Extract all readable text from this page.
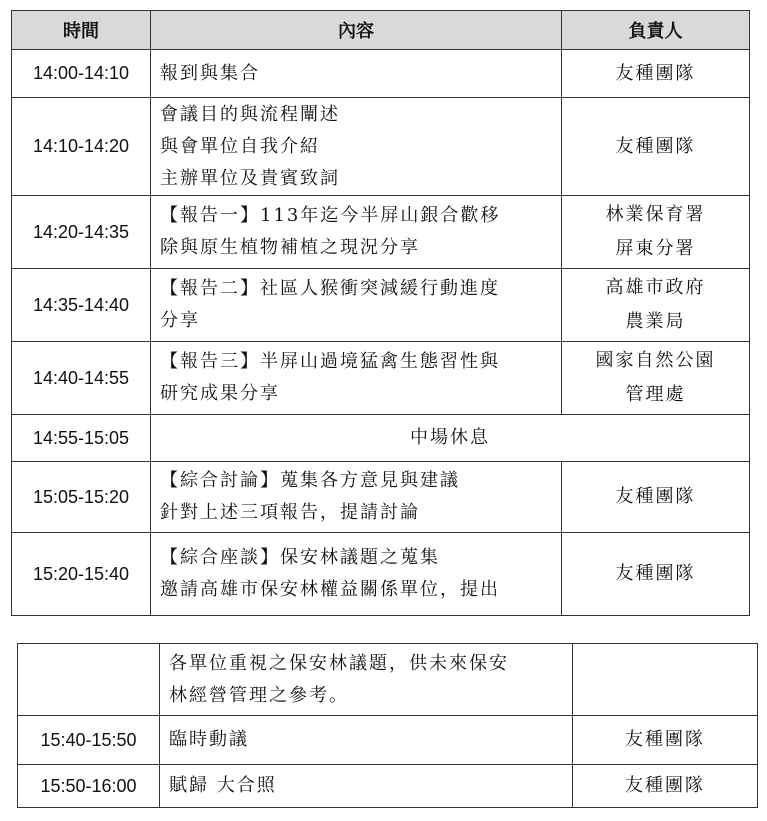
時間	內容	負責人
14:00-14:10	報到與集合	友種團隊

14:10-14:20	會議目的與流程闡述
與會單位自我介紹
主辦單位及貴賓致詞	友種團隊

14:20-14:35	【報告一】113年迄今半屏山銀合歡移
除與原生植物補植之現況分享	林業保育署
屏東分署

14:35-14:40	【報告二】社區人猴衝突減緩行動進度
分享	高雄市政府
農業局

14:40-14:55	【報告三】半屏山過境猛禽生態習性與
研究成果分享	國家自然公園
管理處

14:55-15:05	中場休息	

15:05-15:20	【綜合討論】蒐集各方意見與建議
針對上述三項報告，提請討論	友種團隊

15:20-15:40	【綜合座談】保安林議題之蒐集
邀請高雄市保安林權益關係單位，提出	友種團隊

	各單位重視之保安林議題，供未來保安
林經營管理之參考。	

15:40-15:50	臨時動議	友種團隊

15:50-16:00	賦歸 大合照	友種團隊
